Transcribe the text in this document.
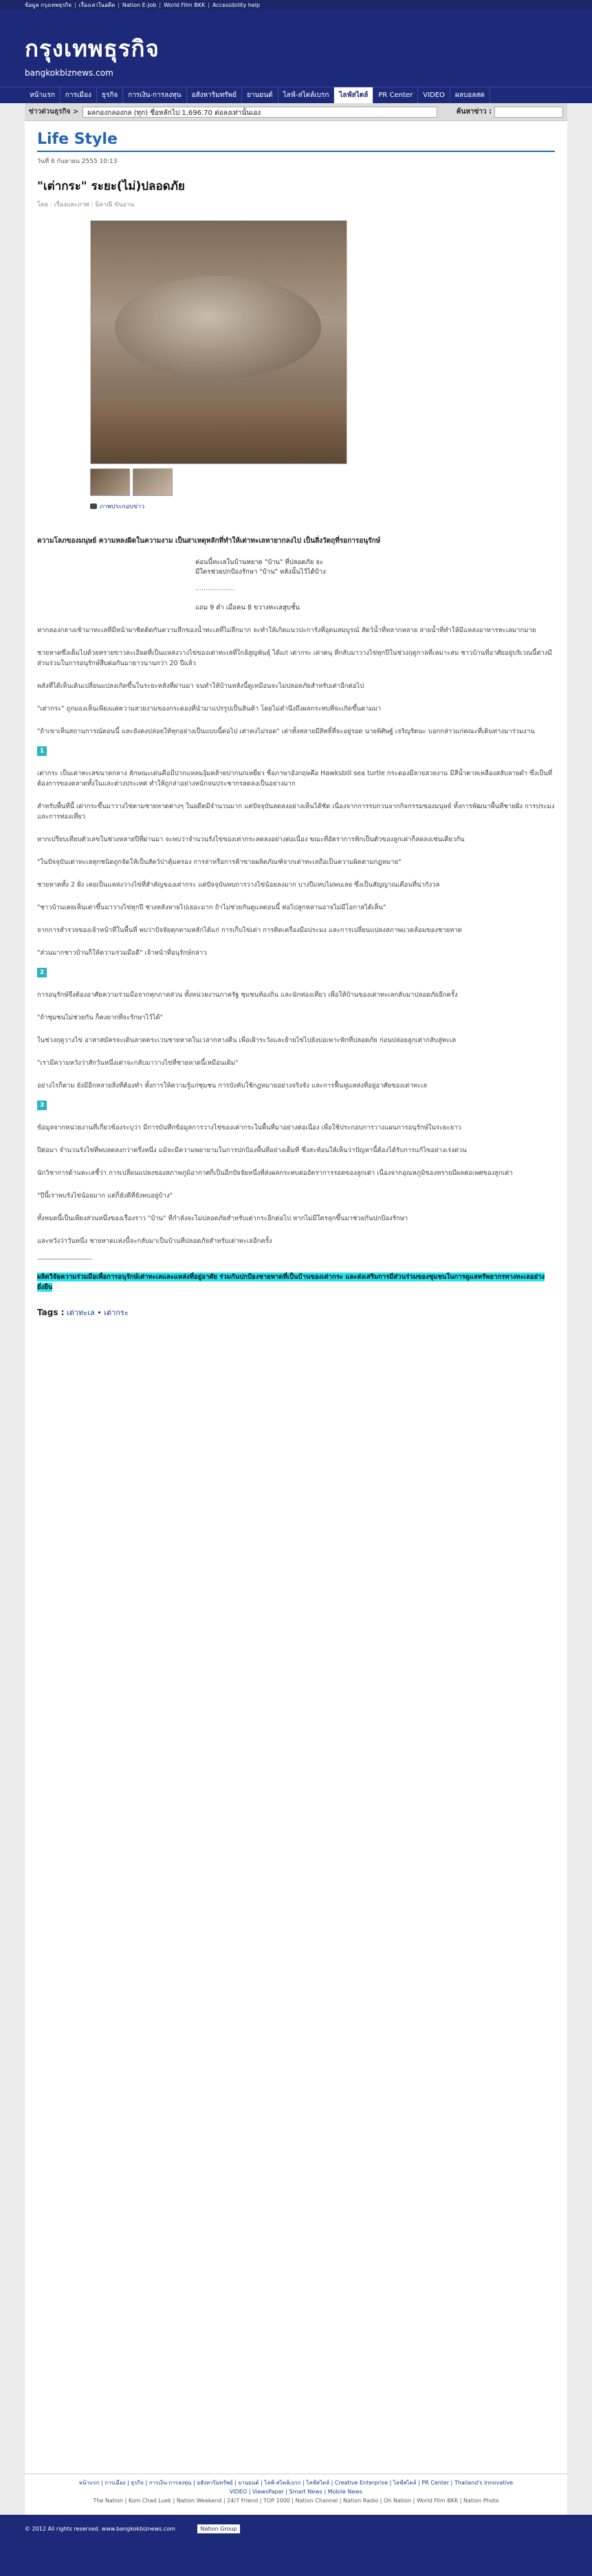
ข้อมูล กรุงเทพธุรกิจ | เรื่องเล่าในอดีต | Nation E-Job | World Film BKK | Accessibility help
กรุงเทพธุรกิจ
bangkokbiznews.com
หน้าแรก	การเมือง	ธุรกิจ	การเงิน-การลงทุน	อสังหาริมทรัพย์	ยานยนต์	ไลฟ์-สไตล์เบรก	ไลฟ์สไตล์	PR Center	VIDEO	ผลบอลสด
ข่าวด่วนธุรกิจ >	ผลกองกลองกล (ทุก) ชื่อหลักไป 1,696.70 ต่อลงเท่านั้นเอง	ค้นหาข่าว :
Life Style
วันที่ 6 กันยายน 2555 10:13
"เต่ากระ" ระยะ(ไม่)ปลอดภัย
โดย : เรื่องและภาพ : นิลาณี ขันอาน
ภาพประกอบข่าว
ความโลภของมนุษย์ ความหลงผิดในความงาม เป็นสาเหตุหลักที่ทำให้เต่าทะเลหายากลงไป เป็นสิ่งวัตถุที่รอการอนุรักษ์
ค่อนนี้ทะเลในบ้านหยาด "บ้าน" ที่ปลอดภัย จะมีใครช่วยปกป้องรักษา "บ้าน" หลังนั้นไว้ได้บ้าง
...................
แถม 9 ดำ เมื่อคน 8 ขวางทะเลสูบชั้น

หากลองกลางเข้ามาทะเลที่มีหน้าผาชิดติดกันความลึกของน้ำทะเลที่ไม่ลึกมาก จะทำให้เกิดแนวปะการังที่อุดมสมบูรณ์ สัตว์น้ำที่หลากหลาย สายน้ำที่ทำให้มีแหล่งอาหารทะเลมากมาย

ชายหาดซึ่งเต็มไปด้วยทรายขาวละเอียดที่เป็นแหล่งวางไข่ของเต่าทะเลที่ใกล้สูญพันธุ์ ได้แก่ เต่ากระ เต่าตนุ ที่กลับมาวางไข่ทุกปีในช่วงฤดูกาลที่เหมาะสม ชาวบ้านที่อาศัยอยู่บริเวณนี้ต่างมีส่วนร่วมในการอนุรักษ์สืบต่อกันมายาวนานกว่า 20 ปีแล้ว

พลังที่ได้เห็นเดินเปลี่ยนแปลงเกิดขึ้นในระยะหลังที่ผ่านมา จนทำให้บ้านหลังนี้ดูเหมือนจะไม่ปลอดภัยสำหรับเต่าอีกต่อไป

"เต่ากระ" ถูกมองเห็นเพียงแค่ความสวยงามของกระดองที่นำมาแปรรูปเป็นสินค้า โดยไม่คำนึงถึงผลกระทบที่จะเกิดขึ้นตามมา

"ถ้าเขาเห็นสถานการณ์ตอนนี้ และยังคงปล่อยให้ทุกอย่างเป็นแบบนี้ต่อไป เต่าคงไม่รอด" เต่าทั้งหลายมีสิทธิ์ที่จะอยู่รอด นายพิศิษฐ์ เจริญรัตนะ บอกกล่าวแก่คณะที่เดินทางมาร่วมงาน

1

เต่ากระ เป็นเต่าทะเลขนาดกลาง ลักษณะเด่นคือมีปากแหลมงุ้มคล้ายปากนกเหยี่ยว ชื่อภาษาอังกฤษคือ Hawksbill sea turtle กระดองมีลายสวยงาม มีสีน้ำตาลเหลืองสลับลายดำ ซึ่งเป็นที่ต้องการของตลาดทั้งในและต่างประเทศ ทำให้ถูกล่าอย่างหนักจนประชากรลดลงเป็นอย่างมาก

สำหรับพื้นที่นี้ เต่ากระขึ้นมาวางไข่ตามชายหาดต่างๆ ในอดีตมีจำนวนมาก แต่ปัจจุบันลดลงอย่างเห็นได้ชัด เนื่องจากการรบกวนจากกิจกรรมของมนุษย์ ทั้งการพัฒนาพื้นที่ชายฝั่ง การประมง และการท่องเที่ยว

หากเปรียบเทียบตัวเลขในช่วงหลายปีที่ผ่านมา จะพบว่าจำนวนรังไข่ของเต่ากระลดลงอย่างต่อเนื่อง ขณะที่อัตราการฟักเป็นตัวของลูกเต่าก็ลดลงเช่นเดียวกัน

"ในปัจจุบันเต่าทะเลทุกชนิดถูกจัดให้เป็นสัตว์ป่าคุ้มครอง การล่าหรือการค้าขายผลิตภัณฑ์จากเต่าทะเลถือเป็นความผิดตามกฎหมาย"

ชายหาดทั้ง 2 ฝั่ง เคยเป็นแหล่งวางไข่ที่สำคัญของเต่ากระ แต่ปัจจุบันพบการวางไข่น้อยลงมาก บางปีแทบไม่พบเลย ซึ่งเป็นสัญญาณเตือนที่น่ากังวล

"ชาวบ้านเคยเห็นเต่าขึ้นมาวางไข่ทุกปี ช่วงหลังหายไปเยอะมาก ถ้าไม่ช่วยกันดูแลตอนนี้ ต่อไปลูกหลานอาจไม่มีโอกาสได้เห็น"

จากการสำรวจของเจ้าหน้าที่ในพื้นที่ พบว่าปัจจัยคุกคามหลักได้แก่ การเก็บไข่เต่า การติดเครื่องมือประมง และการเปลี่ยนแปลงสภาพแวดล้อมของชายหาด

"ส่วนมากชาวบ้านก็ให้ความร่วมมือดี" เจ้าหน้าที่อนุรักษ์กล่าว

2

การอนุรักษ์จึงต้องอาศัยความร่วมมือจากทุกภาคส่วน ทั้งหน่วยงานภาครัฐ ชุมชนท้องถิ่น และนักท่องเที่ยว เพื่อให้บ้านของเต่าทะเลกลับมาปลอดภัยอีกครั้ง

"ถ้าชุมชนไม่ช่วยกัน ก็คงยากที่จะรักษาไว้ได้"

ในช่วงฤดูวางไข่ อาสาสมัครจะเดินลาดตระเวนชายหาดในเวลากลางคืน เพื่อเฝ้าระวังและย้ายไข่ไปยังบ่อเพาะฟักที่ปลอดภัย ก่อนปล่อยลูกเต่ากลับสู่ทะเล

"เรามีความหวังว่าสักวันหนึ่งเต่าจะกลับมาวางไข่ที่ชายหาดนี้เหมือนเดิม"

อย่างไรก็ตาม ยังมีอีกหลายสิ่งที่ต้องทำ ทั้งการให้ความรู้แก่ชุมชน การบังคับใช้กฎหมายอย่างจริงจัง และการฟื้นฟูแหล่งที่อยู่อาศัยของเต่าทะเล

3

ข้อมูลจากหน่วยงานที่เกี่ยวข้องระบุว่า มีการบันทึกข้อมูลการวางไข่ของเต่ากระในพื้นที่มาอย่างต่อเนื่อง เพื่อใช้ประกอบการวางแผนการอนุรักษ์ในระยะยาว

ปีต่อมา จำนวนรังไข่ที่พบลดลงกว่าครึ่งหนึ่ง แม้จะมีความพยายามในการปกป้องพื้นที่อย่างเต็มที่ ซึ่งสะท้อนให้เห็นว่าปัญหานี้ต้องได้รับการแก้ไขอย่างเร่งด่วน

นักวิชาการด้านทะเลชี้ว่า การเปลี่ยนแปลงของสภาพภูมิอากาศก็เป็นอีกปัจจัยหนึ่งที่ส่งผลกระทบต่ออัตราการรอดของลูกเต่า เนื่องจากอุณหภูมิของทรายมีผลต่อเพศของลูกเต่า

"ปีนี้เราพบรังไข่น้อยมาก แต่ก็ยังดีที่ยังพบอยู่บ้าง"

ทั้งหมดนี้เป็นเพียงส่วนหนึ่งของเรื่องราว "บ้าน" ที่กำลังจะไม่ปลอดภัยสำหรับเต่ากระอีกต่อไป หากไม่มีใครลุกขึ้นมาช่วยกันปกป้องรักษา

และหวังว่าวันหนึ่ง ชายหาดแห่งนี้จะกลับมาเป็นบ้านที่ปลอดภัยสำหรับเต่าทะเลอีกครั้ง

ผลิตวิจัยความร่วมมือเพื่อการอนุรักษ์เต่าทะเลและแหล่งที่อยู่อาศัย ร่วมกันปกป้องชายหาดที่เป็นบ้านของเต่ากระ และส่งเสริมการมีส่วนร่วมของชุมชนในการดูแลทรัพยากรทางทะเลอย่างยั่งยืน

Tags : เต่าทะเล • เต่ากระ
หน้าแรก | การเมือง | ธุรกิจ | การเงิน-การลงทุน | อสังหาริมทรัพย์ | ยานยนต์ | ไลฟ์-สไตล์เบรก | ไลฟ์สไตล์ | Creative Enterprise | ไลฟ์สไตล์ | PR Center | Thailand's Innovative
VIDEO | ViewsPaper | Smart News | Mobile News
The Nation | Kom Chad Luek | Nation Weekend | 24/7 Friend | TOP 1000 | Nation Channel | Nation Radio | Oh Nation | World Film BKK | Nation Photo
© 2012 All rights reserved. www.bangkokbiznews.com	Nation Group
